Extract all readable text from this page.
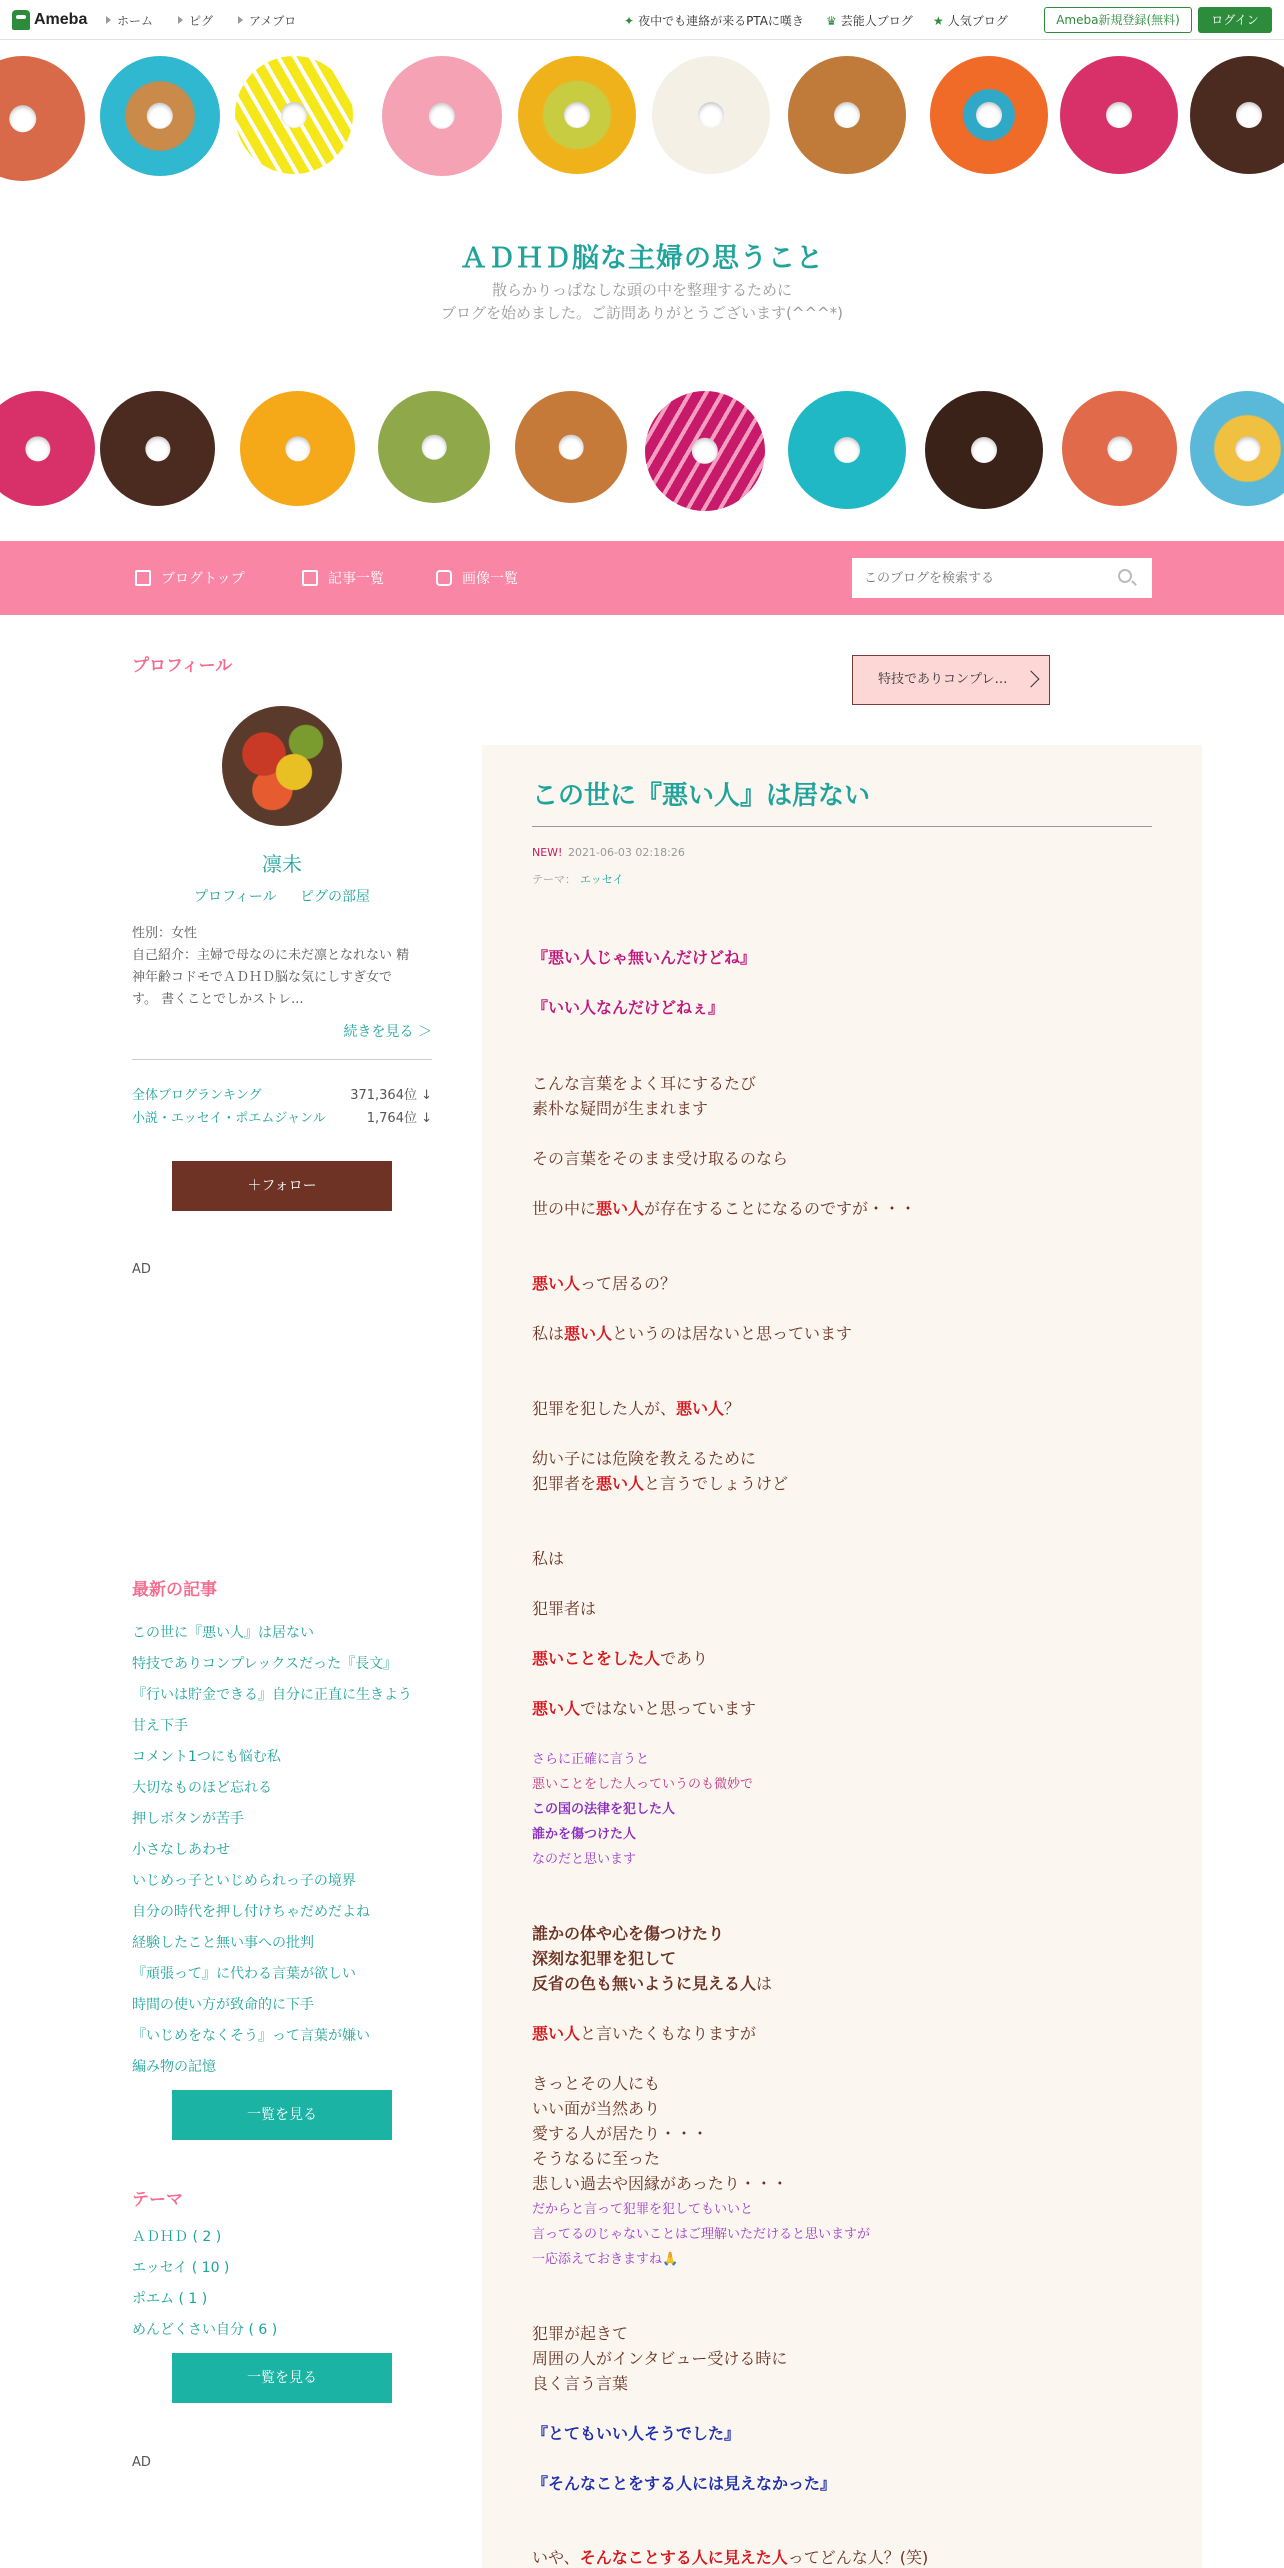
Ameba	ホーム	ピグ	アメブロ	✦ 夜中でも連絡が来るPTAに嘆き ♛ 芸能人ブログ ★ 人気ブログ	Ameba新規登録(無料)	ログイン
ＡＤＨＤ脳な主婦の思うこと
散らかりっぱなしな頭の中を整理するために
ブログを始めました。ご訪問ありがとうございます(^^^*)
ブログトップ	記事一覧	画像一覧
このブログを検索する
プロフィール
凛未
プロフィール ピグの部屋
性別：女性
自己紹介：主婦で母なのに未だ凛となれない 精
神年齢コドモでＡＤＨＤ脳な気にしすぎ女で
す。 書くことでしかストレ...
続きを見る ＞
全体ブログランキング	371,364位 ↓
小説・エッセイ・ポエムジャンル	1,764位 ↓
＋フォロー
AD
最新の記事
この世に『悪い人』は居ない
特技でありコンプレックスだった『長文』
『行いは貯金できる』自分に正直に生きよう
甘え下手
コメント1つにも悩む私
大切なものほど忘れる
押しボタンが苦手
小さなしあわせ
いじめっ子といじめられっ子の境界
自分の時代を押し付けちゃだめだよね
経験したこと無い事への批判
『頑張って』に代わる言葉が欲しい
時間の使い方が致命的に下手
『いじめをなくそう』って言葉が嫌い
編み物の記憶
一覧を見る
テーマ
ＡＤＨＤ ( 2 )
エッセイ ( 10 )
ポエム ( 1 )
めんどくさい自分 ( 6 )
一覧を見る
AD
特技でありコンプレ…
この世に『悪い人』は居ない
NEW! 2021-06-03 02:18:26
テーマ： エッセイ
『悪い人じゃ無いんだけどね』
『いい人なんだけどねぇ』
こんな言葉をよく耳にするたび
素朴な疑問が生まれます
その言葉をそのまま受け取るのなら
世の中に悪い人が存在することになるのですが・・・
悪い人って居るの？
私は悪い人というのは居ないと思っています
犯罪を犯した人が、悪い人？
幼い子には危険を教えるために
犯罪者を悪い人と言うでしょうけど
私は
犯罪者は
悪いことをした人であり
悪い人ではないと思っています
さらに正確に言うと
悪いことをした人っていうのも微妙で
この国の法律を犯した人
誰かを傷つけた人
なのだと思います
誰かの体や心を傷つけたり
深刻な犯罪を犯して
反省の色も無いように見える人は
悪い人と言いたくもなりますが
きっとその人にも
いい面が当然あり
愛する人が居たり・・・
そうなるに至った
悲しい過去や因縁があったり・・・
だからと言って犯罪を犯してもいいと
言ってるのじゃないことはご理解いただけると思いますが
一応添えておきますね🙏
犯罪が起きて
周囲の人がインタビュー受ける時に
良く言う言葉
『とてもいい人そうでした』
『そんなことをする人には見えなかった』
いや、そんなことする人に見えた人ってどんな人？(笑)
